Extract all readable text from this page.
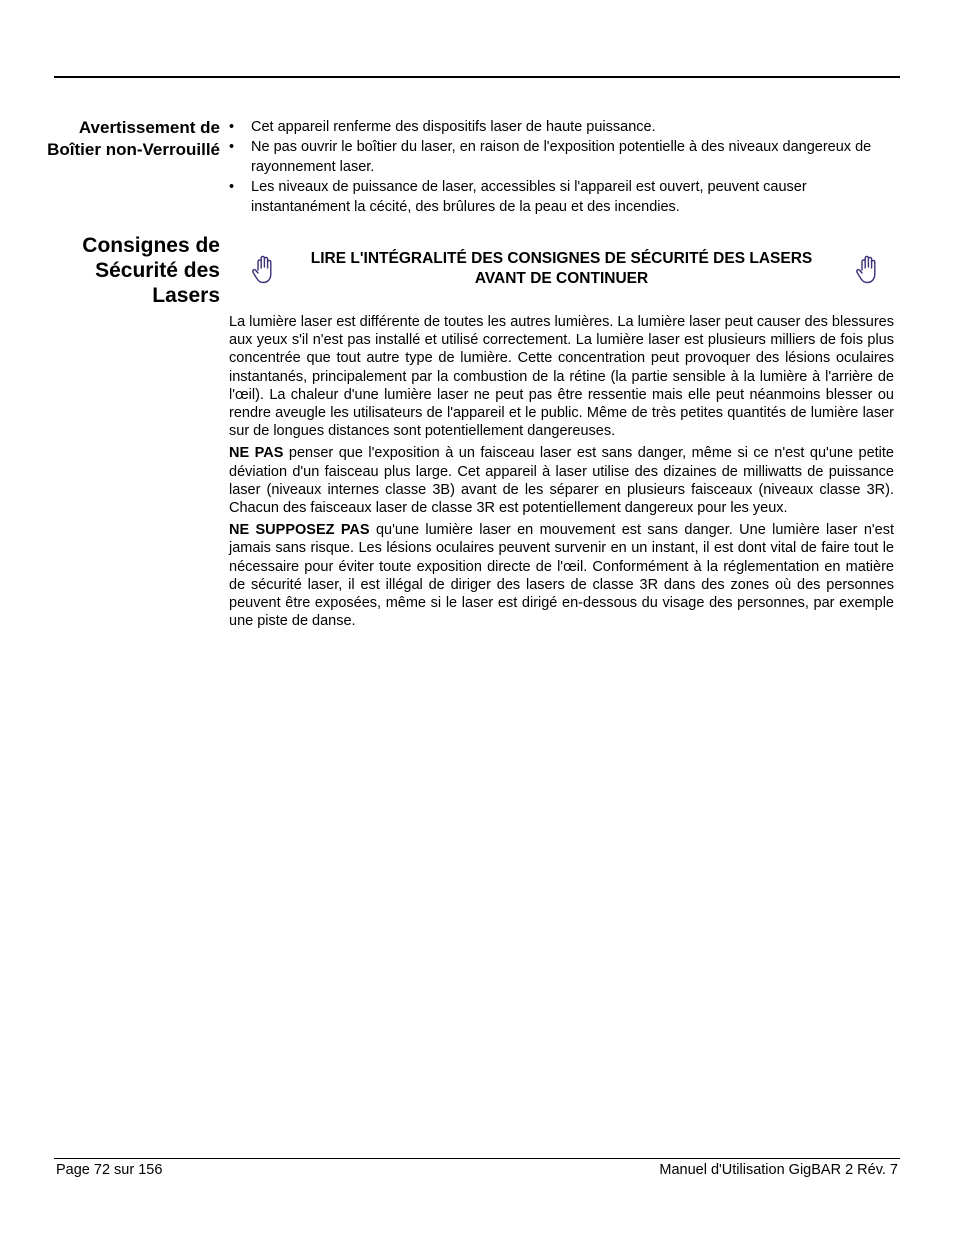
Avertissement de Boîtier non-Verrouillé
• Cet appareil renferme des dispositifs laser de haute puissance.
• Ne pas ouvrir le boîtier du laser, en raison de l'exposition potentielle à des niveaux dangereux de rayonnement laser.
• Les niveaux de puissance de laser, accessibles si l'appareil est ouvert, peuvent causer instantanément la cécité, des brûlures de la peau et des incendies.
Consignes de Sécurité des Lasers
LIRE L'INTÉGRALITÉ DES CONSIGNES DE SÉCURITÉ DES LASERS
AVANT DE CONTINUER

La lumière laser est différente de toutes les autres lumières. La lumière laser peut causer des blessures aux yeux s'il n'est pas installé et utilisé correctement. La lumière laser est plusieurs milliers de fois plus concentrée que tout autre type de lumière. Cette concentration peut provoquer des lésions oculaires instantanés, principalement par la combustion de la rétine (la partie sensible à la lumière à l'arrière de l'œil). La chaleur d'une lumière laser ne peut pas être ressentie mais elle peut néanmoins blesser ou rendre aveugle les utilisateurs de l'appareil et le public. Même de très petites quantités de lumière laser sur de longues distances sont potentiellement dangereuses.

NE PAS penser que l'exposition à un faisceau laser est sans danger, même si ce n'est qu'une petite déviation d'un faisceau plus large. Cet appareil à laser utilise des dizaines de milliwatts de puissance laser (niveaux internes classe 3B) avant de les séparer en plusieurs faisceaux (niveaux classe 3R). Chacun des faisceaux laser de classe 3R est potentiellement dangereux pour les yeux.

NE SUPPOSEZ PAS qu'une lumière laser en mouvement est sans danger. Une lumière laser n'est jamais sans risque. Les lésions oculaires peuvent survenir en un instant, il est dont vital de faire tout le nécessaire pour éviter toute exposition directe de l'œil. Conformément à la réglementation en matière de sécurité laser, il est illégal de diriger des lasers de classe 3R dans des zones où des personnes peuvent être exposées, même si le laser est dirigé en-dessous du visage des personnes, par exemple une piste de danse.

Page 72 sur 156	Manuel d'Utilisation GigBAR 2 Rév. 7
